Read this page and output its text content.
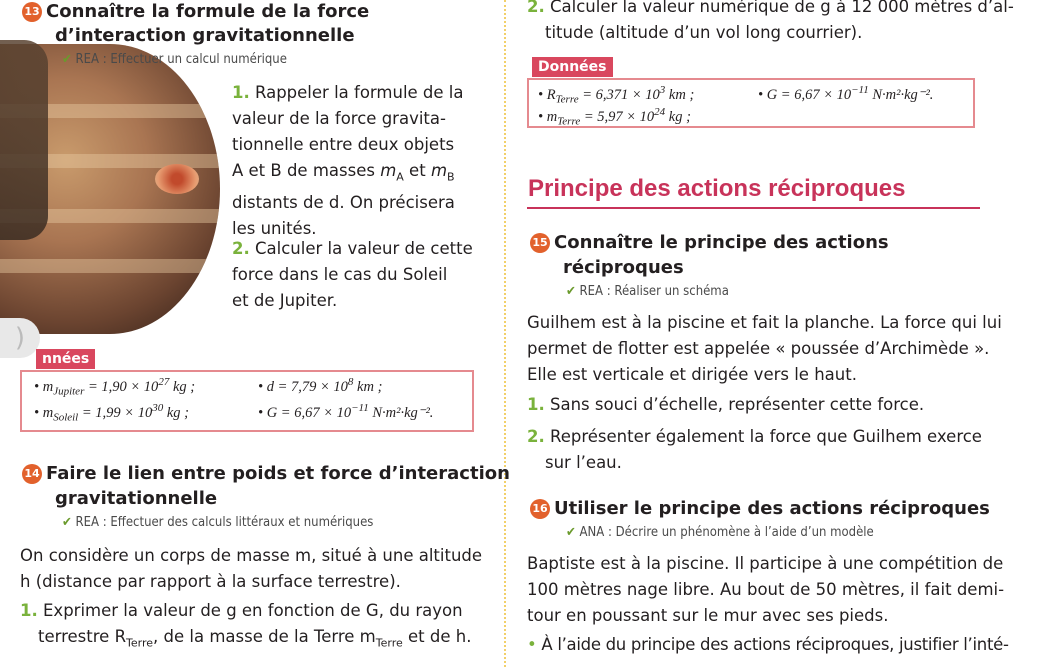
)
13 Connaître la formule de la force
d’interaction gravitationnelle
✔ REA : Effectuer un calcul numérique
1. Rappeler la formule de la
valeur de la force gravita-
tionnelle entre deux objets
A et B de masses $m_A$ et $m_B$
distants de d. On précisera
les unités.
2. Calculer la valeur de cette
force dans le cas du Soleil
et de Jupiter.
nnées
• $m_{Jupiter} = 1,90 \times 10^{27}$ kg ;	• $d = 7,79 \times 10^8$ km ;
• $m_{Soleil} = 1,99 \times 10^{30}$ kg ;	• $G = 6,67 \times 10^{-11}$ N·m²·kg⁻².
14 Faire le lien entre poids et force d’interaction
gravitationnelle
✔ REA : Effectuer des calculs littéraux et numériques
On considère un corps de masse m, situé à une altitude
h (distance par rapport à la surface terrestre).
1. Exprimer la valeur de g en fonction de G, du rayon
terrestre $R_{Terre}$, de la masse de la Terre $m_{Terre}$ et de h.
2. Calculer la valeur numérique de g à 12 000 mètres d’al-
titude (altitude d’un vol long courrier).
Données
• $R_{Terre} = 6,371 \times 10^3$ km ;	• $G = 6,67 \times 10^{-11}$ N·m²·kg⁻².
• $m_{Terre} = 5,97 \times 10^{24}$ kg ;
Principe des actions réciproques
15 Connaître le principe des actions
réciproques
✔ REA : Réaliser un schéma
Guilhem est à la piscine et fait la planche. La force qui lui
permet de flotter est appelée « poussée d’Archimède ».
Elle est verticale et dirigée vers le haut.
1. Sans souci d’échelle, représenter cette force.
2. Représenter également la force que Guilhem exerce
sur l’eau.
16 Utiliser le principe des actions réciproques
✔ ANA : Décrire un phénomène à l’aide d’un modèle
Baptiste est à la piscine. Il participe à une compétition de
100 mètres nage libre. Au bout de 50 mètres, il fait demi-
tour en poussant sur le mur avec ses pieds.
• À l’aide du principe des actions réciproques, justifier l’inté-
